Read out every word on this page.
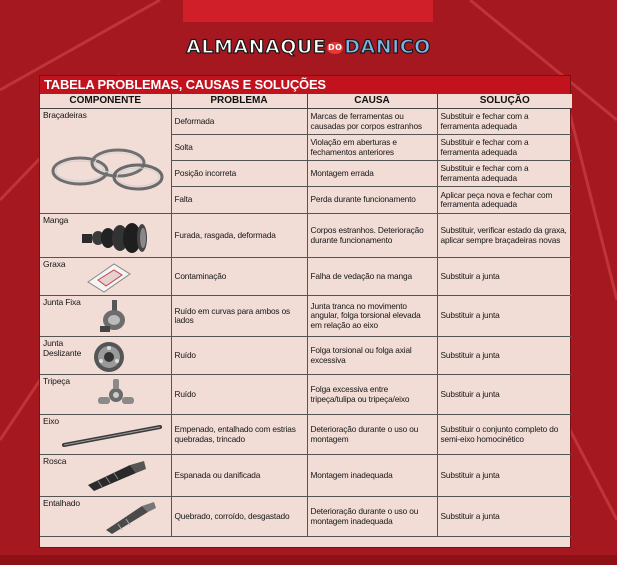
ALMANAQUE DODANICO
TABELA PROBLEMAS, CAUSAS E SOLUÇÕES
COMPONENTE	PROBLEMA	CAUSA	SOLUÇÃO

Braçadeiras	Deformada	Marcas de ferramentas ou causadas por corpos estranhos	Substituir e fechar com a ferramenta adequada
	Solta	Violação em aberturas e fechamentos anteriores	Substituir e fechar com a ferramenta adequada
	Posição incorreta	Montagem errada	Substituir e fechar com a ferramenta adequada
	Falta	Perda durante funcionamento	Aplicar peça nova e fechar com ferramenta adequada

Manga	Furada, rasgada, deformada	Corpos estranhos. Deterioração durante funcionamento	Substituir, verificar estado da graxa, aplicar sempre braçadeiras novas

Graxa	Contaminação	Falha de vedação na manga	Substituir a junta

Junta Fixa	Ruído em curvas para ambos os lados	Junta tranca no movimento angular, folga torsional elevada em relação ao eixo	Substituir a junta

Junta Deslizante	Ruído	Folga torsional ou folga axial excessiva	Substituir a junta

Tripeça	Ruído	Folga excessiva entre tripeça/tulipa ou tripeça/eixo	Substituir a junta

Eixo	Empenado, entalhado com estrias quebradas, trincado	Deterioração durante o uso ou montagem	Substituir o conjunto completo do semi-eixo homocinético

Rosca	Espanada ou danificada	Montagem inadequada	Substituir a junta

Entalhado	Quebrado, corroído, desgastado	Deterioração durante o uso ou montagem inadequada	Substituir a junta
